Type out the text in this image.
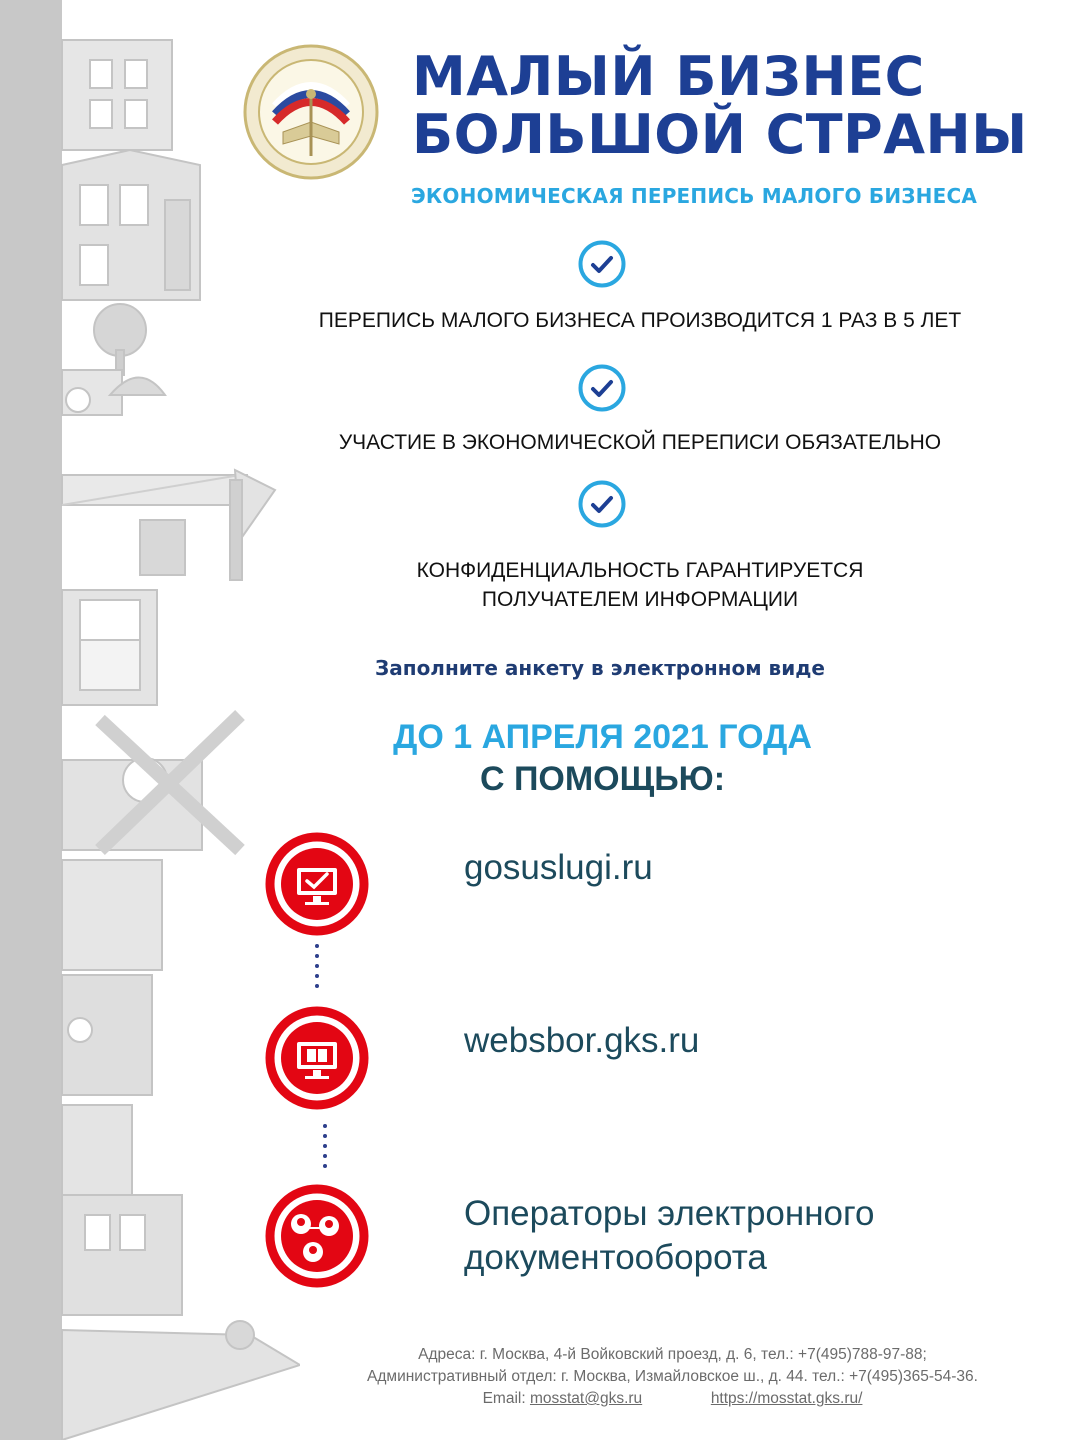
МАЛЫЙ БИЗНЕС
БОЛЬШОЙ СТРАНЫ
ЭКОНОМИЧЕСКАЯ ПЕРЕПИСЬ МАЛОГО БИЗНЕСА
ПЕРЕПИСЬ МАЛОГО БИЗНЕСА ПРОИЗВОДИТСЯ 1 РАЗ В 5 ЛЕТ
УЧАСТИЕ В ЭКОНОМИЧЕСКОЙ ПЕРЕПИСИ ОБЯЗАТЕЛЬНО
КОНФИДЕНЦИАЛЬНОСТЬ ГАРАНТИРУЕТСЯ
ПОЛУЧАТЕЛЕМ ИНФОРМАЦИИ
Заполните анкету в электронном виде
ДО 1 АПРЕЛЯ 2021 ГОДА
С ПОМОЩЬЮ:
gosuslugi.ru
websbor.gks.ru
Операторы электронного
документооборота
Адреса: г. Москва, 4-й Войковский проезд, д. 6, тел.: +7(495)788-97-88;
Административный отдел: г. Москва, Измайловское ш., д. 44. тел.: +7(495)365-54-36.
Email: mosstat@gks.ru	https://mosstat.gks.ru/
